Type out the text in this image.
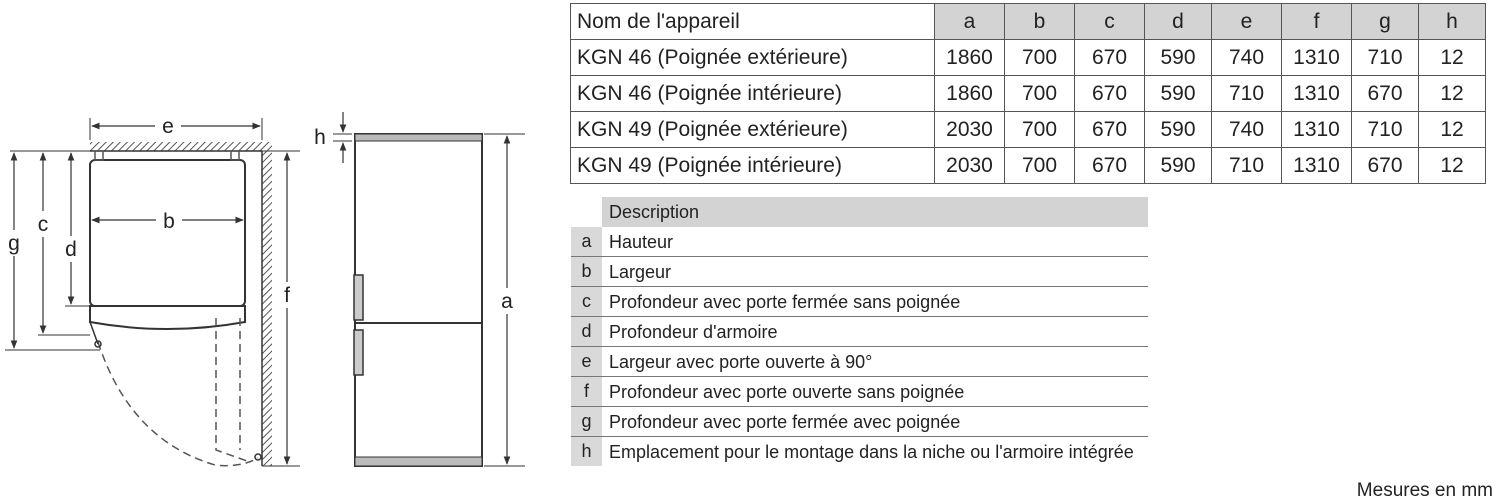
e
b
g
c
d
f
h
a
Nom de l'appareil	a	b	c	d	e	f	g	h
KGN 46 (Poignée extérieure)	1860	700	670	590	740	1310	710	12
KGN 46 (Poignée intérieure)	1860	700	670	590	710	1310	670	12
KGN 49 (Poignée extérieure)	2030	700	670	590	740	1310	710	12
KGN 49 (Poignée intérieure)	2030	700	670	590	710	1310	670	12
Description
a Hauteur
b Largeur
c	Profondeur avec porte fermée sans poignée
d Profondeur d'armoire
e Largeur avec porte ouverte à 90°
f	Profondeur avec porte ouverte sans poignée
g Profondeur avec porte fermée avec poignée
h Emplacement pour le montage dans la niche ou l'armoire intégrée
Mesures en mm
